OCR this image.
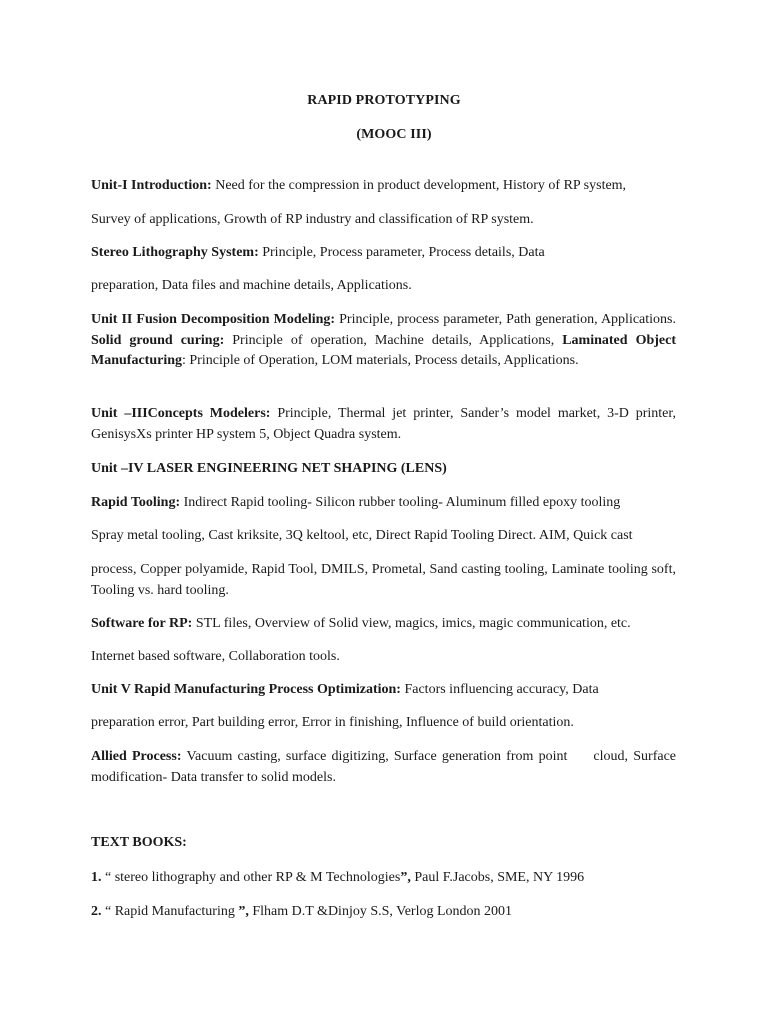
RAPID PROTOTYPING
(MOOC III)
Unit-I Introduction: Need for the compression in product development, History of RP system,
Survey of applications, Growth of RP industry and classification of RP system.
Stereo Lithography System: Principle, Process parameter, Process details, Data
preparation, Data files and machine details, Applications.
Unit II Fusion Decomposition Modeling: Principle, process parameter, Path generation, Applications. Solid ground curing: Principle of operation, Machine details, Applications, Laminated Object Manufacturing: Principle of Operation, LOM materials, Process details, Applications.
Unit –IIIConcepts Modelers: Principle, Thermal jet printer, Sander’s model market, 3-D printer, GenisysXs printer HP system 5, Object Quadra system.
Unit –IV LASER ENGINEERING NET SHAPING (LENS)
Rapid Tooling: Indirect Rapid tooling- Silicon rubber tooling- Aluminum filled epoxy tooling
Spray metal tooling, Cast kriksite, 3Q keltool, etc, Direct Rapid Tooling Direct. AIM, Quick cast
process, Copper polyamide, Rapid Tool, DMILS, Prometal, Sand casting tooling, Laminate tooling soft, Tooling vs. hard tooling.
Software for RP: STL files, Overview of Solid view, magics, imics, magic communication, etc.
Internet based software, Collaboration tools.
Unit V Rapid Manufacturing Process Optimization: Factors influencing accuracy, Data
preparation error, Part building error, Error in finishing, Influence of build orientation.
Allied Process: Vacuum casting, surface digitizing, Surface generation from point     cloud, Surface modification- Data transfer to solid models.
TEXT BOOKS:
1. “ stereo lithography and other RP & M Technologies”, Paul F.Jacobs, SME, NY 1996
2. “ Rapid Manufacturing ”, Flham D.T &Dinjoy S.S, Verlog London 2001
